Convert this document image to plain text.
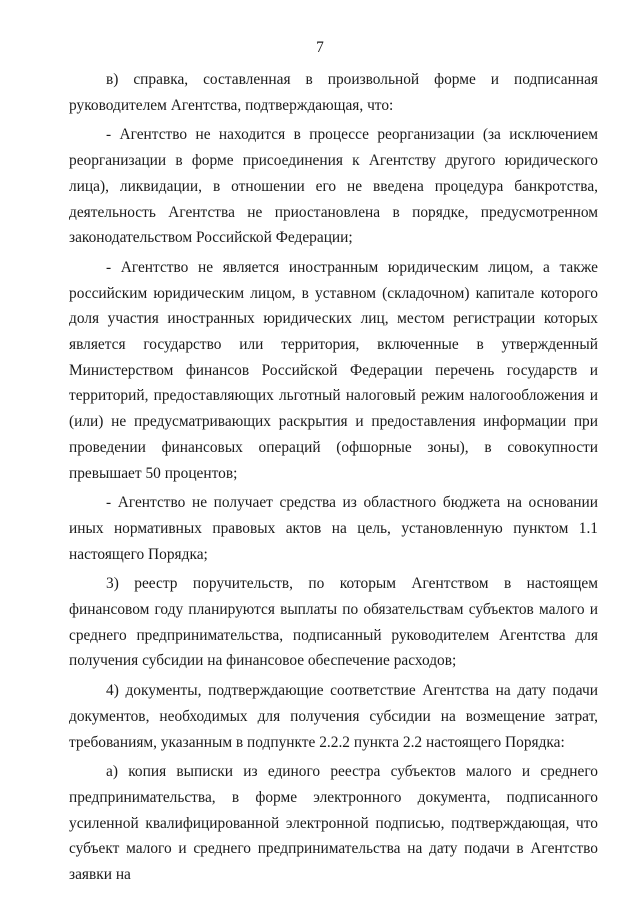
7

в) справка, составленная в произвольной форме и подписанная руководителем Агентства, подтверждающая, что:

- Агентство не находится в процессе реорганизации (за исключением реорганизации в форме присоединения к Агентству другого юридического лица), ликвидации, в отношении его не введена процедура банкротства, деятельность Агентства не приостановлена в порядке, предусмотренном законодательством Российской Федерации;

- Агентство не является иностранным юридическим лицом, а также российским юридическим лицом, в уставном (складочном) капитале которого доля участия иностранных юридических лиц, местом регистрации которых является государство или территория, включенные в утвержденный Министерством финансов Российской Федерации перечень государств и территорий, предоставляющих льготный налоговый режим налогообложения и (или) не предусматривающих раскрытия и предоставления информации при проведении финансовых операций (офшорные зоны), в совокупности превышает 50 процентов;

- Агентство не получает средства из областного бюджета на основании иных нормативных правовых актов на цель, установленную пунктом 1.1 настоящего Порядка;

3) реестр поручительств, по которым Агентством в настоящем финансовом году планируются выплаты по обязательствам субъектов малого и среднего предпринимательства, подписанный руководителем Агентства для получения субсидии на финансовое обеспечение расходов;

4) документы, подтверждающие соответствие Агентства на дату подачи документов, необходимых для получения субсидии на возмещение затрат, требованиям, указанным в подпункте 2.2.2 пункта 2.2 настоящего Порядка:

а) копия выписки из единого реестра субъектов малого и среднего предпринимательства, в форме электронного документа, подписанного усиленной квалифицированной электронной подписью, подтверждающая, что субъект малого и среднего предпринимательства на дату подачи в Агентство заявки на
